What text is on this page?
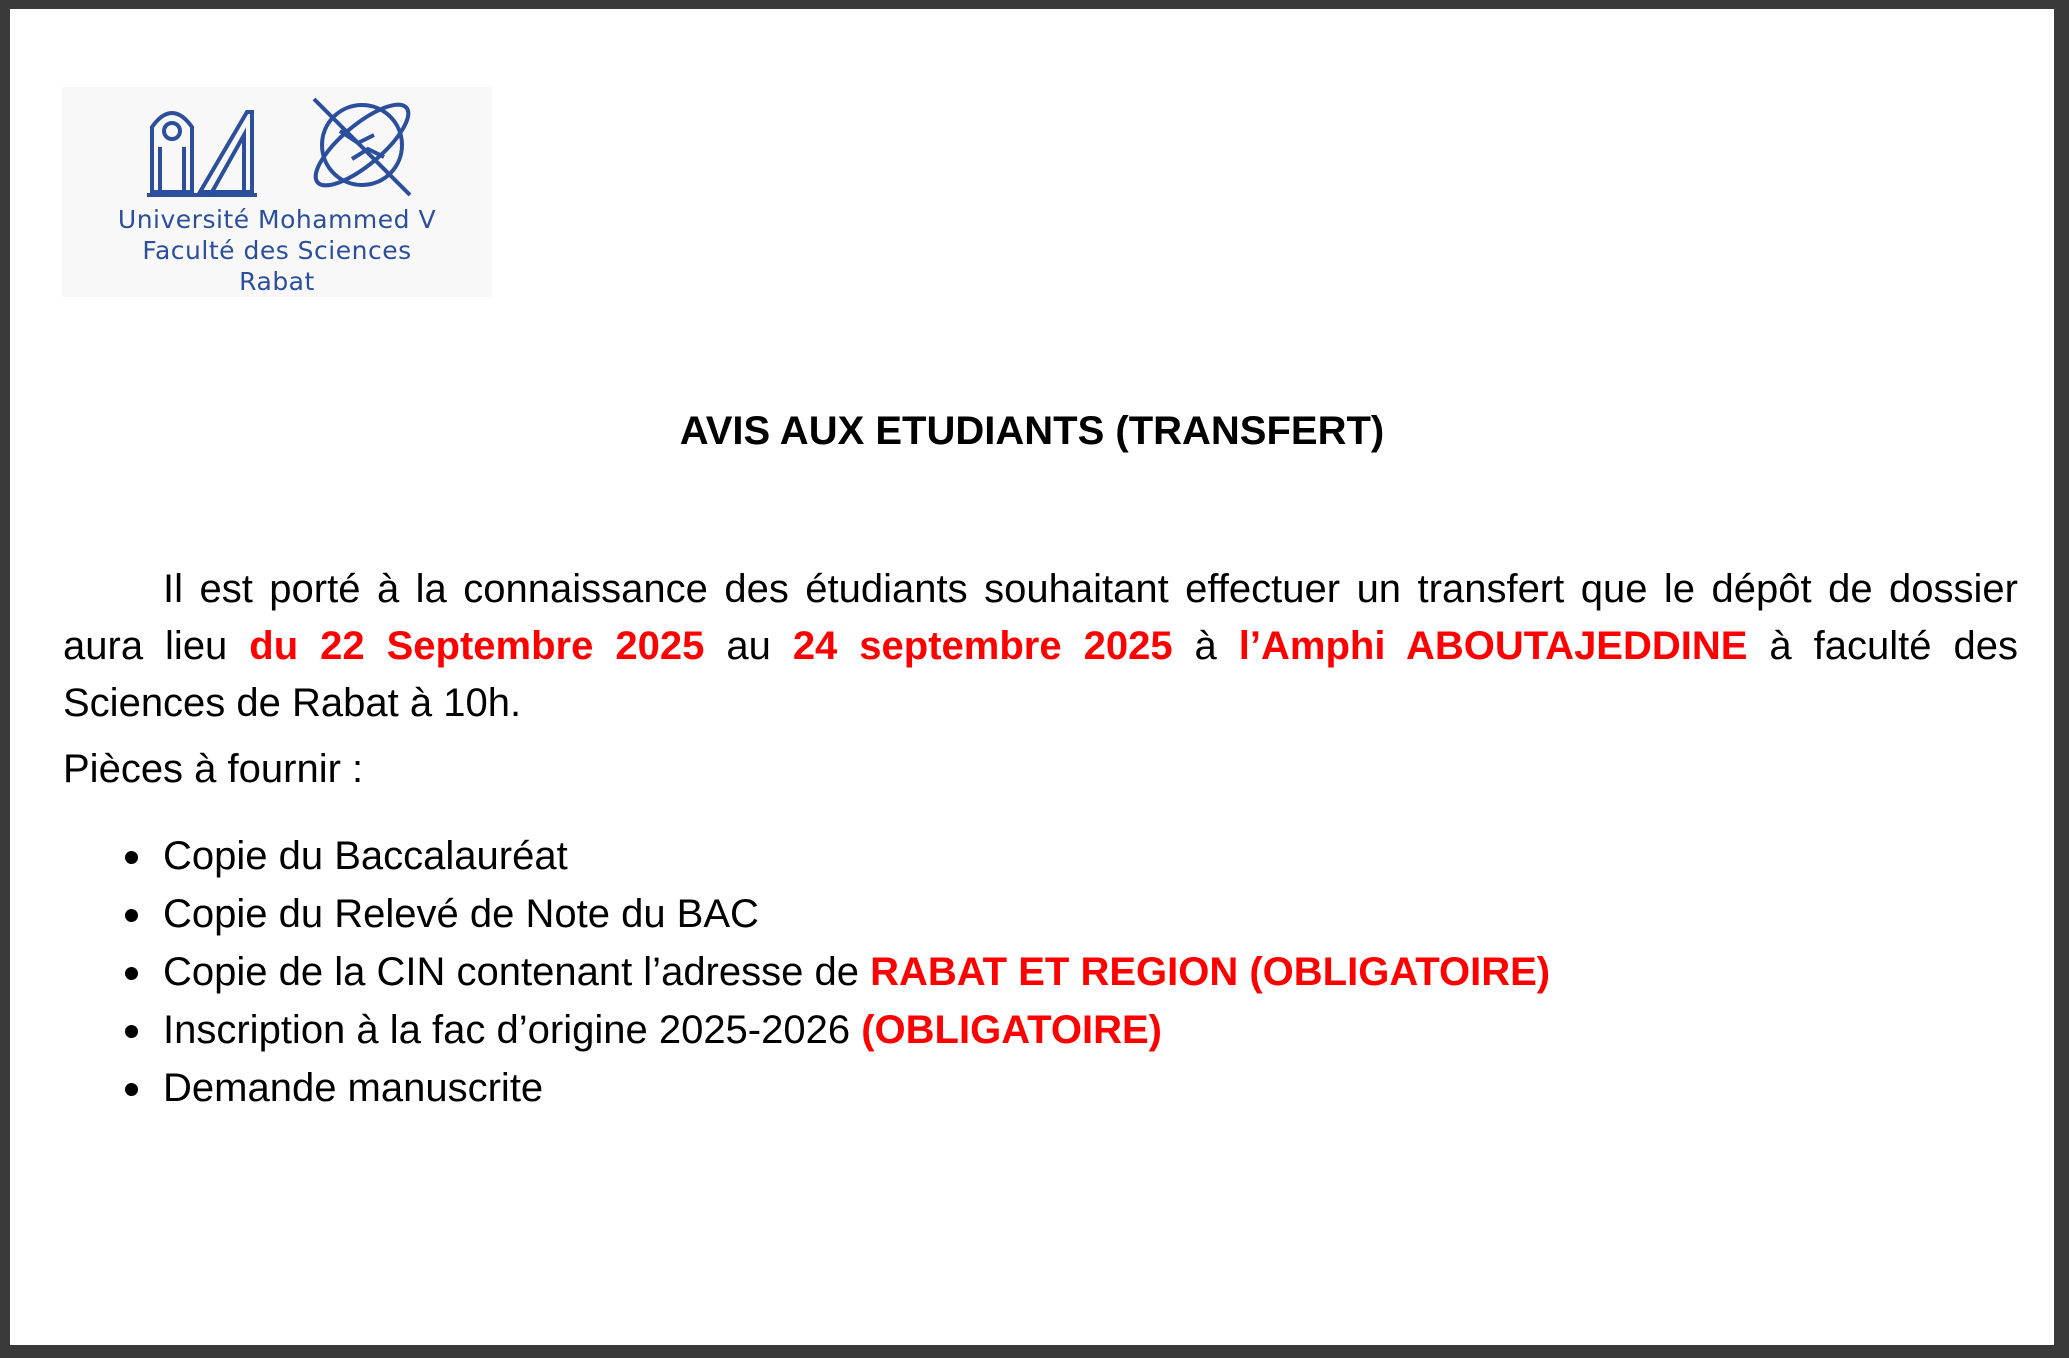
Université Mohammed V
Faculté des Sciences
Rabat
AVIS AUX ETUDIANTS (TRANSFERT)

Il est porté à la connaissance des étudiants souhaitant effectuer un transfert que le dépôt de dossier aura lieu du 22 Septembre 2025 au 24 septembre 2025 à l’Amphi ABOUTAJEDDINE à faculté des Sciences de Rabat à 10h.

Pièces à fournir :
Copie du Baccalauréat
Copie du Relevé de Note du BAC
Copie de la CIN contenant l’adresse de RABAT ET REGION (OBLIGATOIRE)
Inscription à la fac d’origine 2025-2026 (OBLIGATOIRE)
Demande manuscrite
